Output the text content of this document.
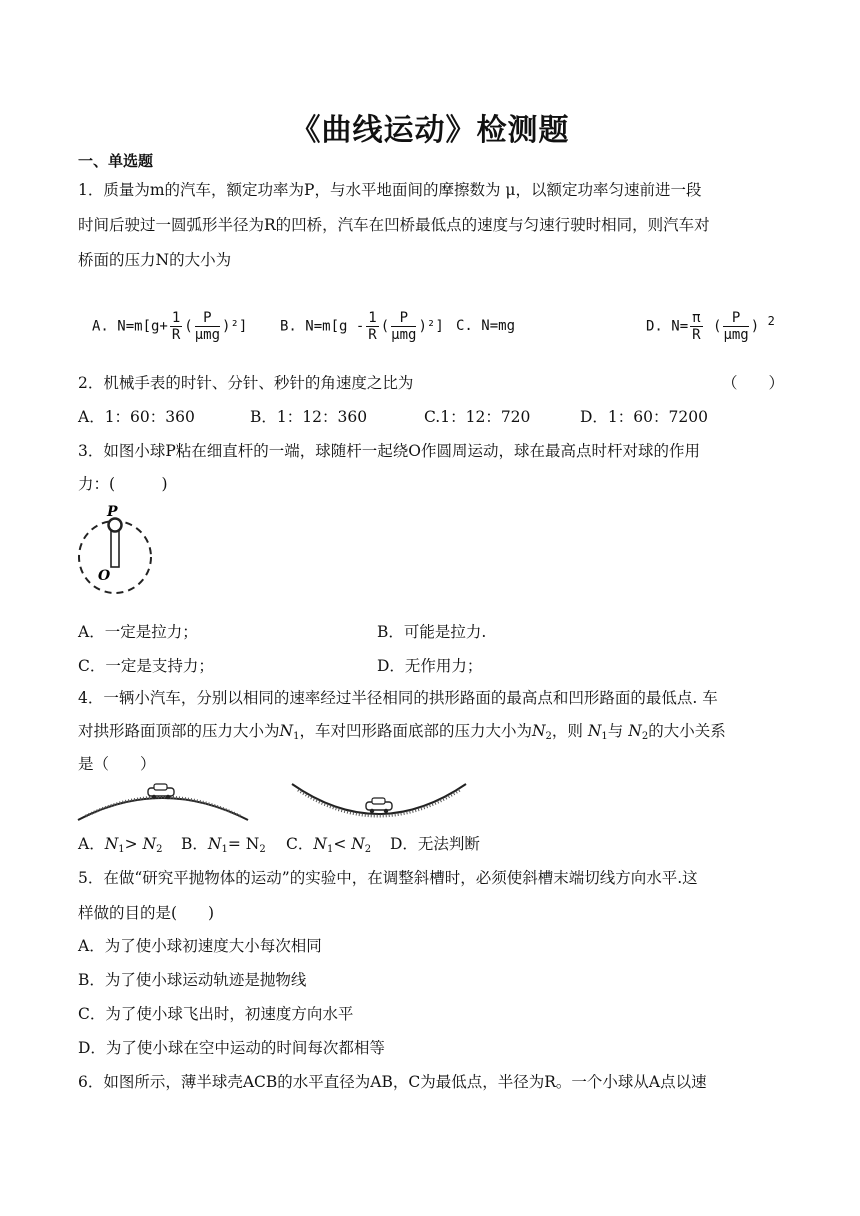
《曲线运动》检测题
一、单选题
1．质量为m的汽车，额定功率为P，与水平地面间的摩擦数为 μ，以额定功率匀速前进一段
时间后驶过一圆弧形半径为R的凹桥，汽车在凹桥最低点的速度与匀速行驶时相同，则汽车对
桥面的压力N的大小为
A. $N=m[g+ \frac{1}{R}$ ( $\frac{P}{\text{μmg}} )^2$] B. $N=m[g - \frac{1}{R}$ ( $\frac{P}{\text{μmg}} )^2$] C. N=mg	D. $N= \frac{\pi}{R}$ ( $\frac{P}{\text{μmg}}$ ) $^2$
2．机械手表的时针、分针、秒针的角速度之比为	（　　）
A．1：60：360	B．1：12：360	C.1：12：720	D．1：60：7200
3．如图小球P粘在细直杆的一端，球随杆一起绕O作圆周运动，球在最高点时杆对球的作用
力：(　　　)
P
O
A．一定是拉力；	B．可能是拉力.
C．一定是支持力；	D．无作用力；
4．一辆小汽车，分别以相同的速率经过半径相同的拱形路面的最高点和凹形路面的最低点. 车
对拱形路面顶部的压力大小为$N_1$，车对凹形路面底部的压力大小为$N_2$，则 $N_1$与 $N_2$的大小关系
是（　　）
A．$N_1> N_2$ B．$N_1= N_2$ C．$N_1< N_2$ D．无法判断
5．在做“研究平抛物体的运动”的实验中，在调整斜槽时，必须使斜槽末端切线方向水平.这
样做的目的是(　　)
A．为了使小球初速度大小每次相同
B．为了使小球运动轨迹是抛物线
C．为了使小球飞出时，初速度方向水平
D．为了使小球在空中运动的时间每次都相等
6．如图所示，薄半球壳ACB的水平直径为AB，C为最低点，半径为R。一个小球从A点以速
